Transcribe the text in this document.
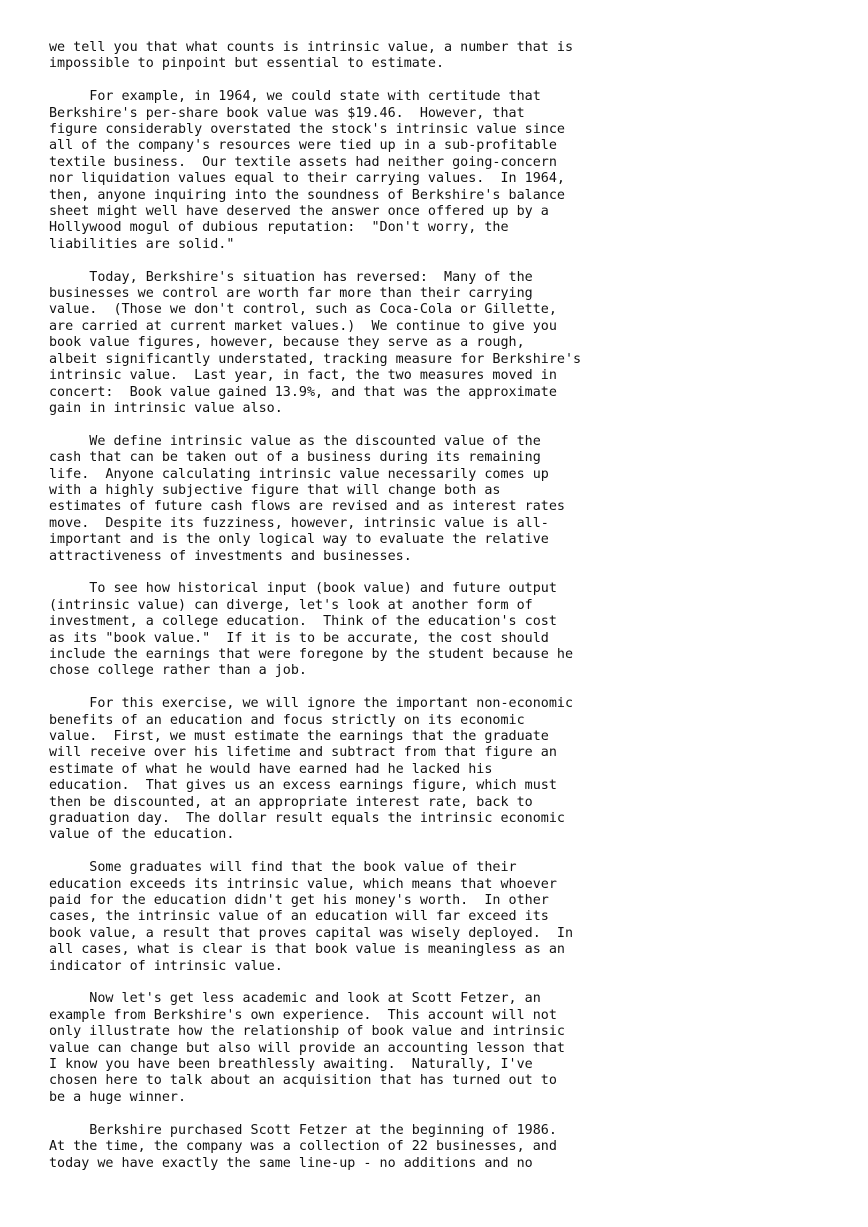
we tell you that what counts is intrinsic value, a number that is
impossible to pinpoint but essential to estimate.
For example, in 1964, we could state with certitude that
Berkshire's per-share book value was $19.46.  However, that
figure considerably overstated the stock's intrinsic value since
all of the company's resources were tied up in a sub-profitable
textile business.  Our textile assets had neither going-concern
nor liquidation values equal to their carrying values.  In 1964,
then, anyone inquiring into the soundness of Berkshire's balance
sheet might well have deserved the answer once offered up by a
Hollywood mogul of dubious reputation:  "Don't worry, the
liabilities are solid."
Today, Berkshire's situation has reversed:  Many of the
businesses we control are worth far more than their carrying
value.  (Those we don't control, such as Coca-Cola or Gillette,
are carried at current market values.)  We continue to give you
book value figures, however, because they serve as a rough,
albeit significantly understated, tracking measure for Berkshire's
intrinsic value.  Last year, in fact, the two measures moved in
concert:  Book value gained 13.9%, and that was the approximate
gain in intrinsic value also.
We define intrinsic value as the discounted value of the
cash that can be taken out of a business during its remaining
life.  Anyone calculating intrinsic value necessarily comes up
with a highly subjective figure that will change both as
estimates of future cash flows are revised and as interest rates
move.  Despite its fuzziness, however, intrinsic value is all-
important and is the only logical way to evaluate the relative
attractiveness of investments and businesses.
To see how historical input (book value) and future output
(intrinsic value) can diverge, let's look at another form of
investment, a college education.  Think of the education's cost
as its "book value."  If it is to be accurate, the cost should
include the earnings that were foregone by the student because he
chose college rather than a job.
For this exercise, we will ignore the important non-economic
benefits of an education and focus strictly on its economic
value.  First, we must estimate the earnings that the graduate
will receive over his lifetime and subtract from that figure an
estimate of what he would have earned had he lacked his
education.  That gives us an excess earnings figure, which must
then be discounted, at an appropriate interest rate, back to
graduation day.  The dollar result equals the intrinsic economic
value of the education.
Some graduates will find that the book value of their
education exceeds its intrinsic value, which means that whoever
paid for the education didn't get his money's worth.  In other
cases, the intrinsic value of an education will far exceed its
book value, a result that proves capital was wisely deployed.  In
all cases, what is clear is that book value is meaningless as an
indicator of intrinsic value.
Now let's get less academic and look at Scott Fetzer, an
example from Berkshire's own experience.  This account will not
only illustrate how the relationship of book value and intrinsic
value can change but also will provide an accounting lesson that
I know you have been breathlessly awaiting.  Naturally, I've
chosen here to talk about an acquisition that has turned out to
be a huge winner.
Berkshire purchased Scott Fetzer at the beginning of 1986.
At the time, the company was a collection of 22 businesses, and
today we have exactly the same line-up - no additions and no
